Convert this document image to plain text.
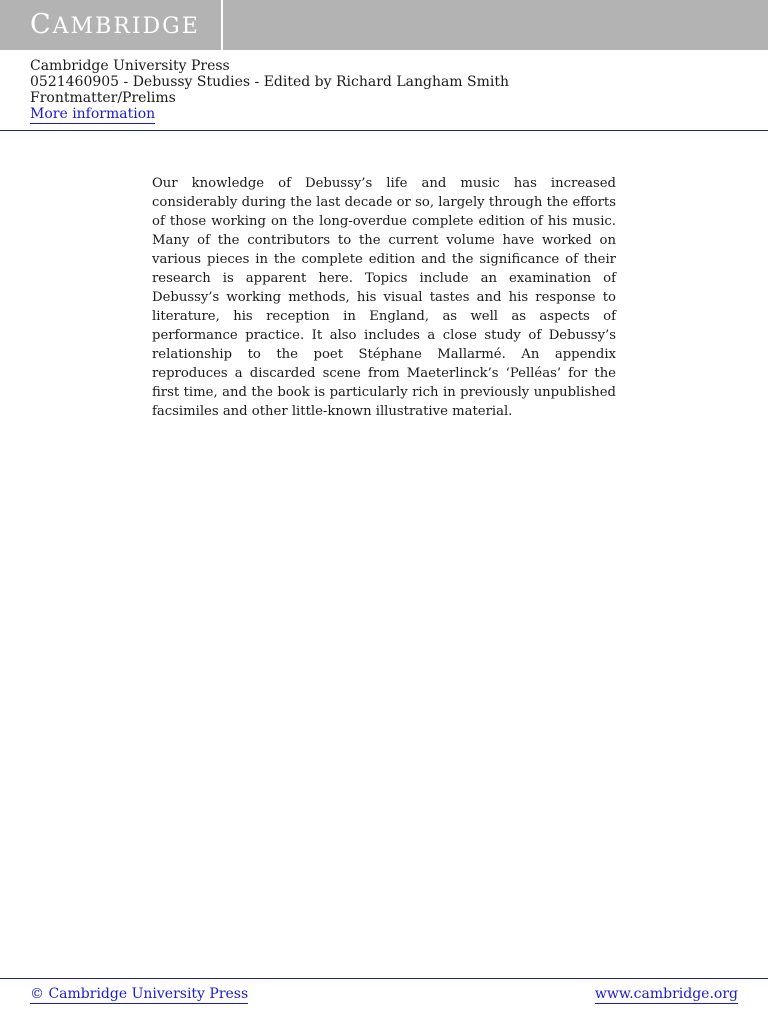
CAMBRIDGE
Cambridge University Press
0521460905 - Debussy Studies - Edited by Richard Langham Smith
Frontmatter/Prelims
More information

Our knowledge of Debussy’s life and music has increased considerably during the last decade or so, largely through the efforts of those working on the long-overdue complete edition of his music. Many of the contributors to the current volume have worked on various pieces in the complete edition and the significance of their research is apparent here. Topics include an examination of Debussy’s working methods, his visual tastes and his response to literature, his reception in England, as well as aspects of performance practice. It also includes a close study of Debussy’s relationship to the poet Stéphane Mallarmé. An appendix reproduces a discarded scene from Maeterlinck’s ‘Pelléas’ for the first time, and the book is particularly rich in previously unpublished facsimiles and other little-known illustrative material.

© Cambridge University Press	www.cambridge.org
